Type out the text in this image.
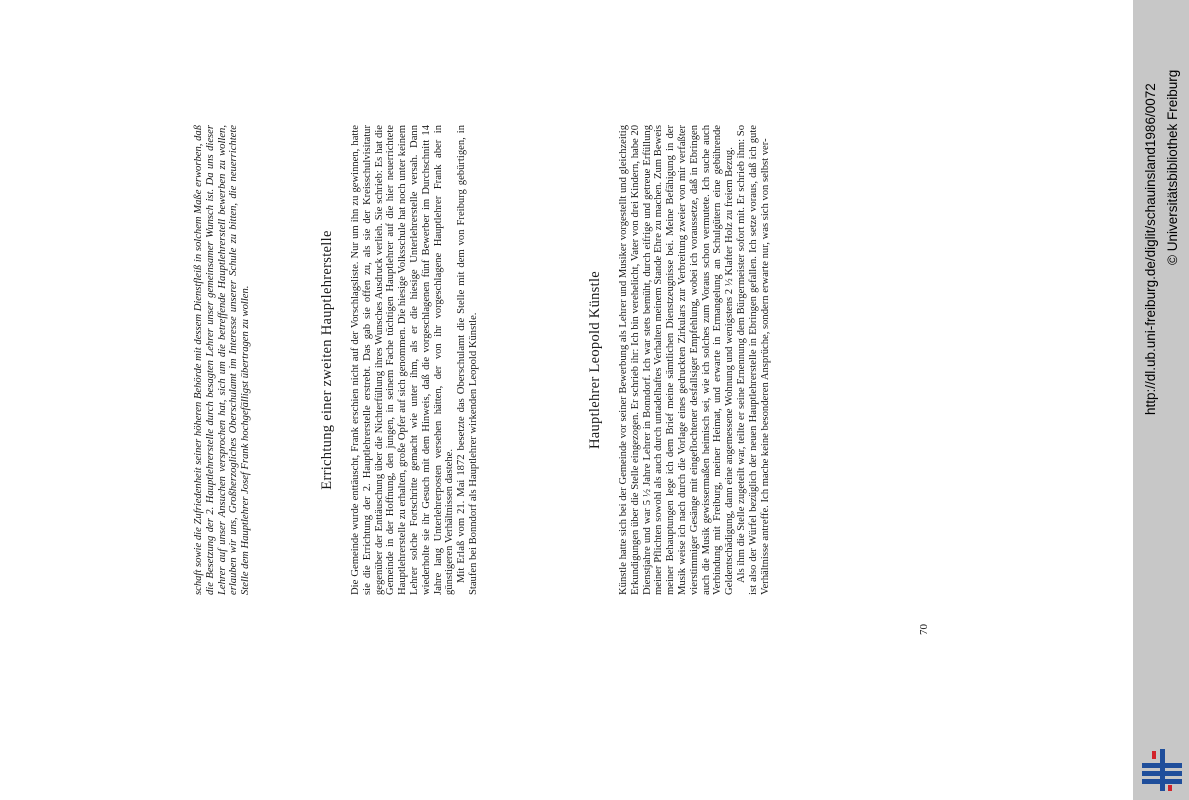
schaft sowie die Zufriedenheit seiner höheren Behörde mit dessem Dienstfleiß in solchem Maße erworben, daß die Besetzung der 2. Hauptlehrerstelle durch besagten Lehrer unser gemeinsamer Wunsch ist. Da uns dieser Lehrer auf unser Ansuchen versprochen hat, sich um die betreffende Hauptlehrerstell bewerben zu wollen, erlauben wir uns, Großherzogliches Oberschulamt im Interesse unserer Schule zu bitten, die neuerrichtete Stelle dem Hauptlehrer Josef Frank hochgefälligst übertragen zu wollen.	Errichtung einer zweiten Hauptlehrerstelle Die Gemeinde wurde enttäuscht, Frank erschien nicht auf der Vorschlagsliste. Nur um ihn zu gewinnen, hatte sie die Errichtung der 2. Hauptlehrerstelle erstrebt. Das gab sie offen zu, als sie der Kreisschulvisitatur gegenüber der Enttäuschung über die Nichterfüllung ihres Wunsches Ausdruck verlieh. Sie schrieb: Es hat die Gemeinde in der Hoffnung, den jungen, in seinem Fache tüchtigen Hauptlehrer auf die hier neuerrichtete Hauptlehrerstelle zu erhalten, große Opfer auf sich genommen. Die hiesige Volksschule hat noch unter keinem Lehrer solche Fortschritte gemacht wie unter ihm, als er die hiesige Unterlehrerstelle versah. Dann wiederholte sie ihr Gesuch mit dem Hinweis, daß die vorgeschlagenen fünf Bewerber im Durchschnitt 14 Jahre lang Unterlehrerposten versehen hätten, der von ihr vorgeschlagene Hauptlehrer Frank aber in günstigeren Verhältnissen dastehe. Mit Erlaß vom 21. Mai 1872 besetzte das Oberschulamt die Stelle mit dem von Freiburg gebürtigen, in Staufen bei Bonndorf als Hauptlehrer wirkenden Leopold Künstle.	Hauptlehrer Leopold Künstle Künstle hatte sich bei der Gemeinde vor seiner Bewerbung als Lehrer und Musiker vorgestellt und gleichzeitig Erkundigungen über die Stelle eingezogen. Er schrieb ihr: Ich bin verehelicht, Vater von drei Kindern, habe 20 Dienstjahre und war 5 ½ Jahre Lehrer in Bonndorf. Ich war stets bemüht, durch eifrige und getreue Erfüllung meiner Pflichten sowohl als auch durch untadelhaftes Verhalten meinem Stande Ehre zu machen. Zum Beweis meiner Behauptungen lege ich dem Brief meine sämtlichen Dienstzeugnisse bei. Meine Befähigung in der Musik weise ich nach durch die Vorlage eines gedruckten Zirkulars zur Verbreitung zweier von mir verfaßter vierstimmiger Gesänge mit eingeflochtener desfallsiger Empfehlung, wobei ich voraussetze, daß in Ebringen auch die Musik gewissermaßen heimisch sei, wie ich solches zum Voraus schon vermutete. Ich suche auch Verbindung mit Freiburg, meiner Heimat, und erwarte in Ermangelung an Schulgütern eine gebührende Geldentschädigung, dann eine angemessene Wohnung und wenigstens 2 ½ Klafter Holz zu freiem Bezug. Als ihm die Stelle zugeteilt war, teilte er seine Ernennung dem Bürgermeister sofort mit. Er schrieb ihm: So ist also der Würfel bezüglich der neuen Hauptlehrerstelle in Ebringen gefallen. Ich setze voraus, daß ich gute Verhältnisse antreffe. Ich mache keine besonderen Ansprüche, sondern erwarte nur, was sich von selbst ver-

70
http://dl.ub.uni-freiburg.de/diglit/schauinsland1986/0072 © Universitätsbibliothek Freiburg
